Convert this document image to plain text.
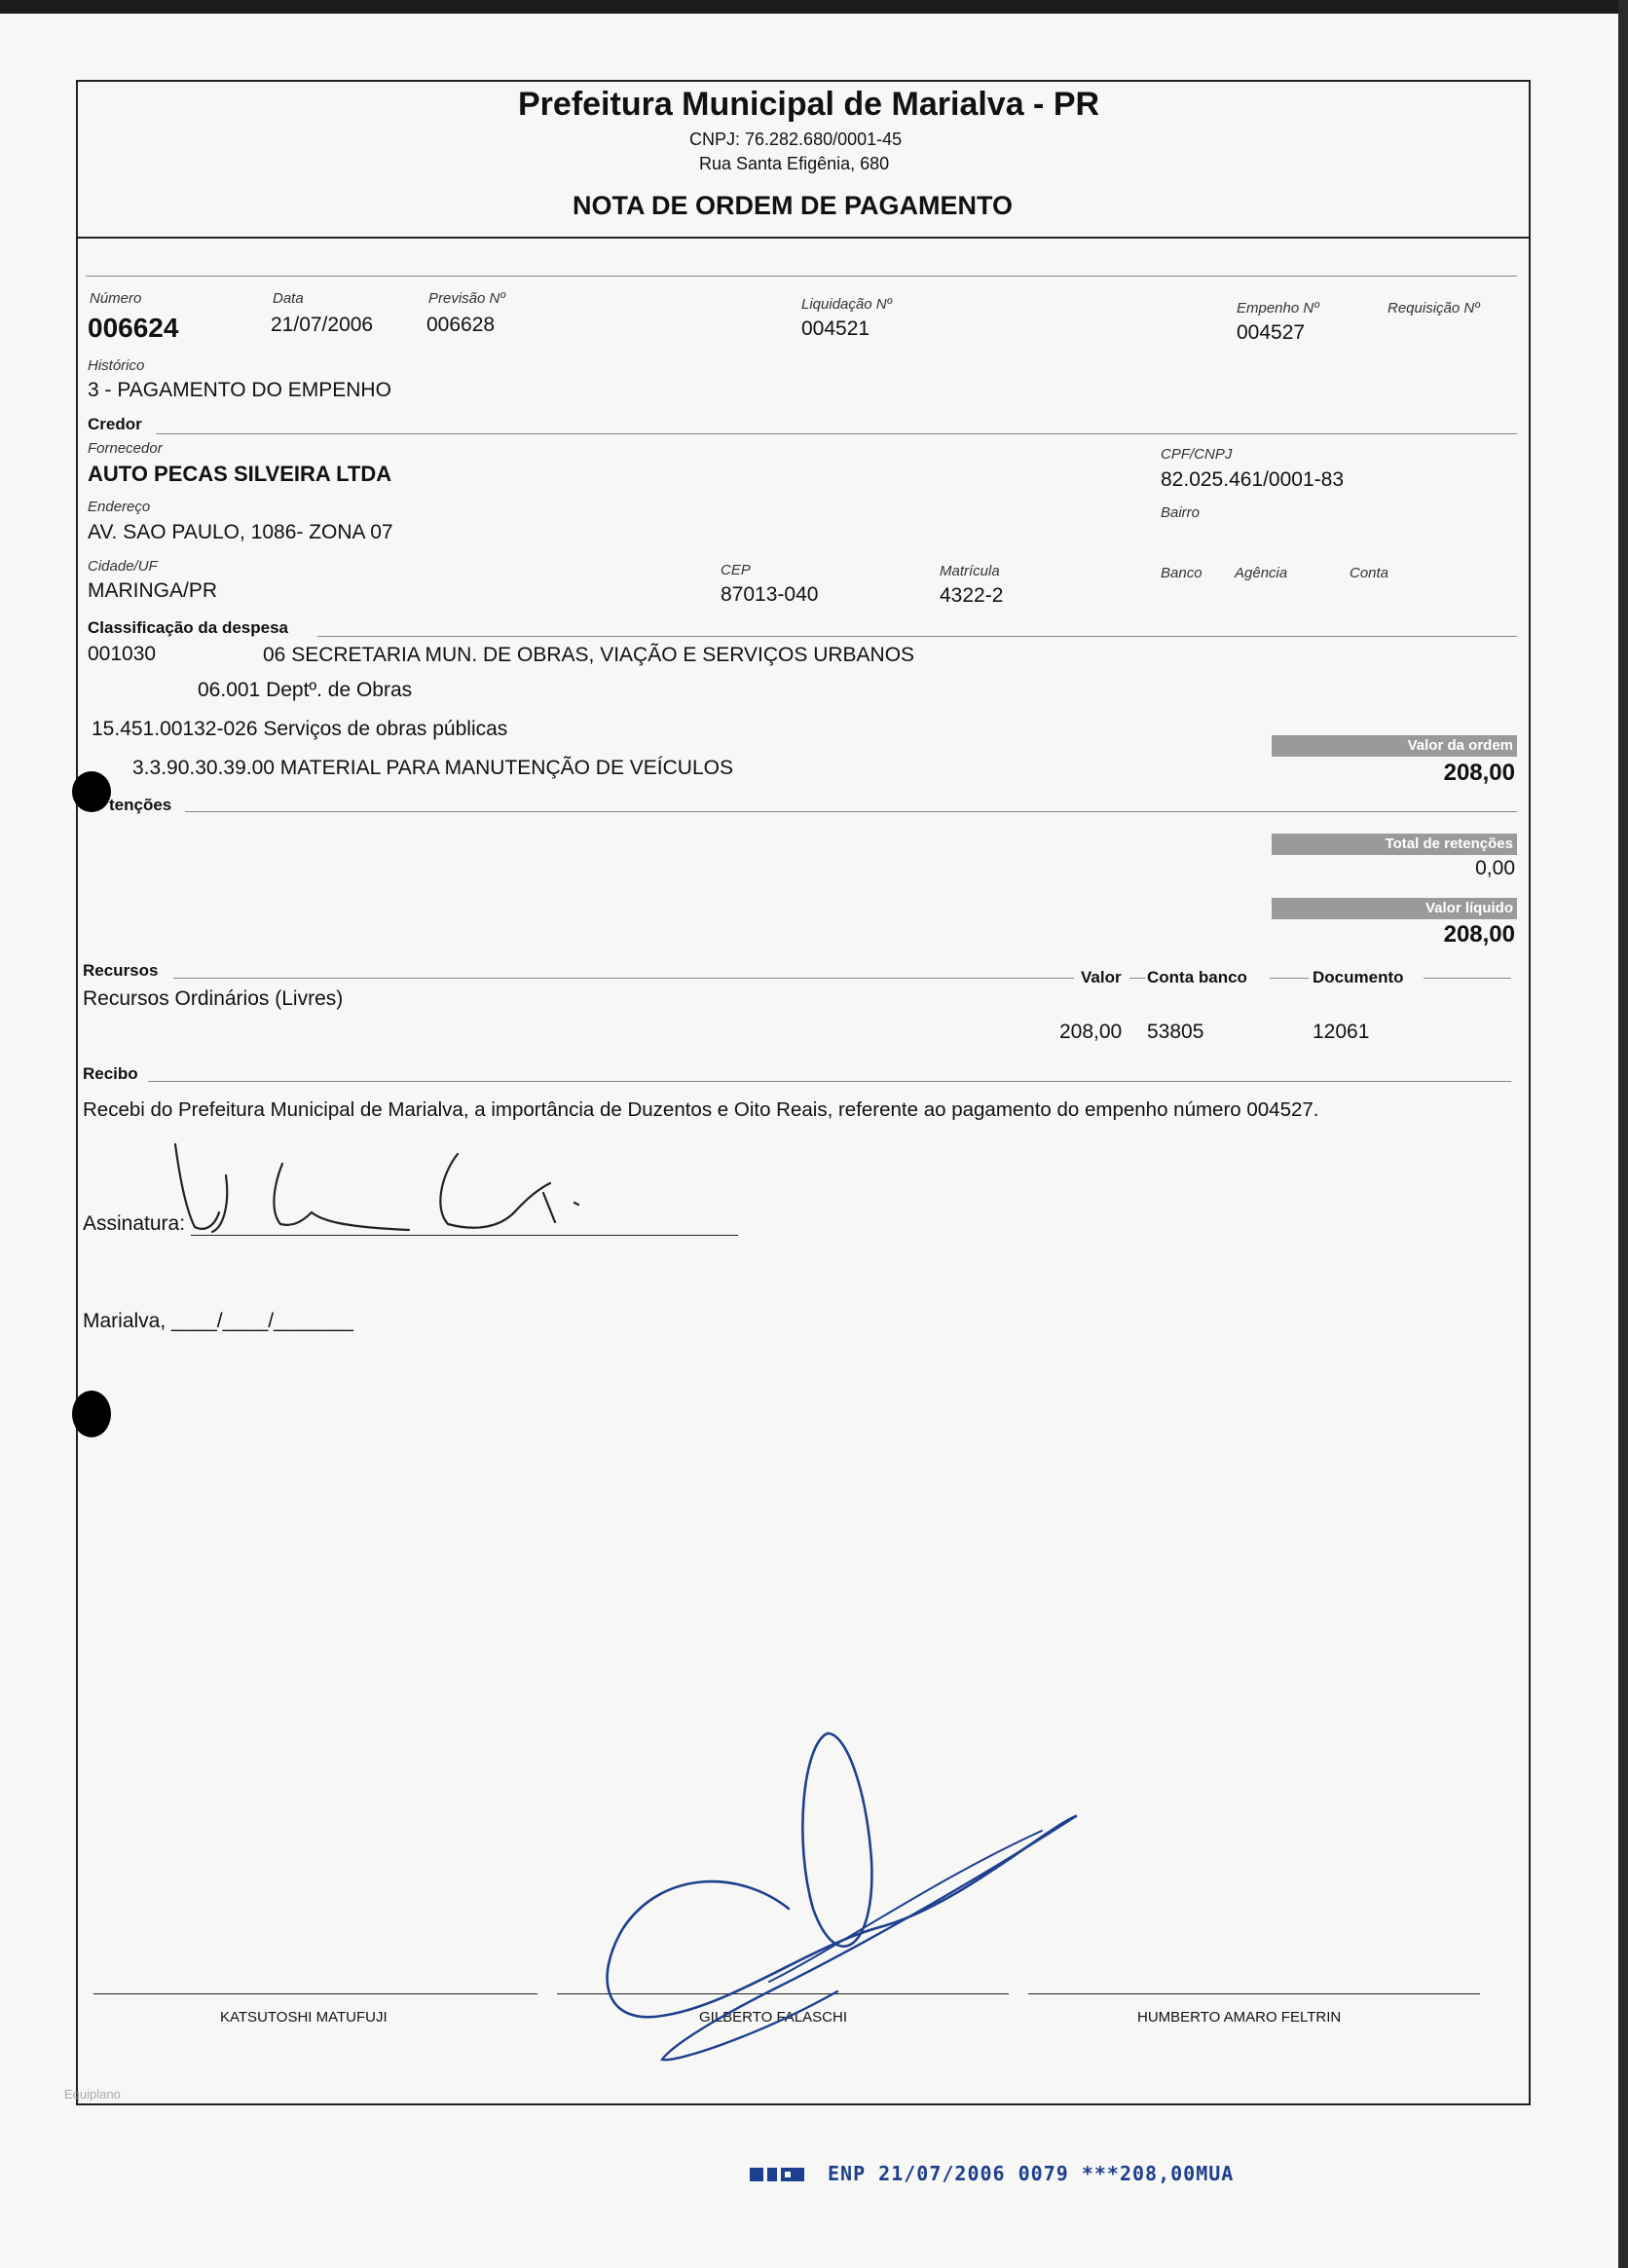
Prefeitura Municipal de Marialva - PR
CNPJ: 76.282.680/0001-45
Rua Santa Efigênia, 680
NOTA DE ORDEM DE PAGAMENTO
Número
006624
Data
21/07/2006
Previsão Nº
006628
Liquidação Nº
004521
Empenho Nº
004527
Requisição Nº
Histórico
3 - PAGAMENTO DO EMPENHO
Credor
Fornecedor
AUTO PECAS SILVEIRA LTDA
CPF/CNPJ
82.025.461/0001-83
Endereço
AV. SAO PAULO, 1086- ZONA 07
Bairro
Cidade/UF
MARINGA/PR
CEP
87013-040
Matrícula
4322-2
Banco Agência	Conta
Classificação da despesa
001030	06 SECRETARIA MUN. DE OBRAS, VIAÇÃO E SERVIÇOS URBANOS
06.001 Deptº. de Obras
15.451.00132-026 Serviços de obras públicas
3.3.90.30.39.00 MATERIAL PARA MANUTENÇÃO DE VEÍCULOS
Valor da ordem
208,00
tenções
Total de retenções
0,00
Valor líquido
208,00
Recursos	Valor Conta banco	Documento
Recursos Ordinários (Livres)
208,00 53805	12061
Recibo
Recebi do Prefeitura Municipal de Marialva, a importância de Duzentos e Oito Reais, referente ao pagamento do empenho número 004527.
Assinatura:
Marialva, ____/____/_______
KATSUTOSHI MATUFUJI	GILBERTO FALASCHI	HUMBERTO AMARO FELTRIN
Equiplano
ENP 21/07/2006 0079 ***208,00MUA
